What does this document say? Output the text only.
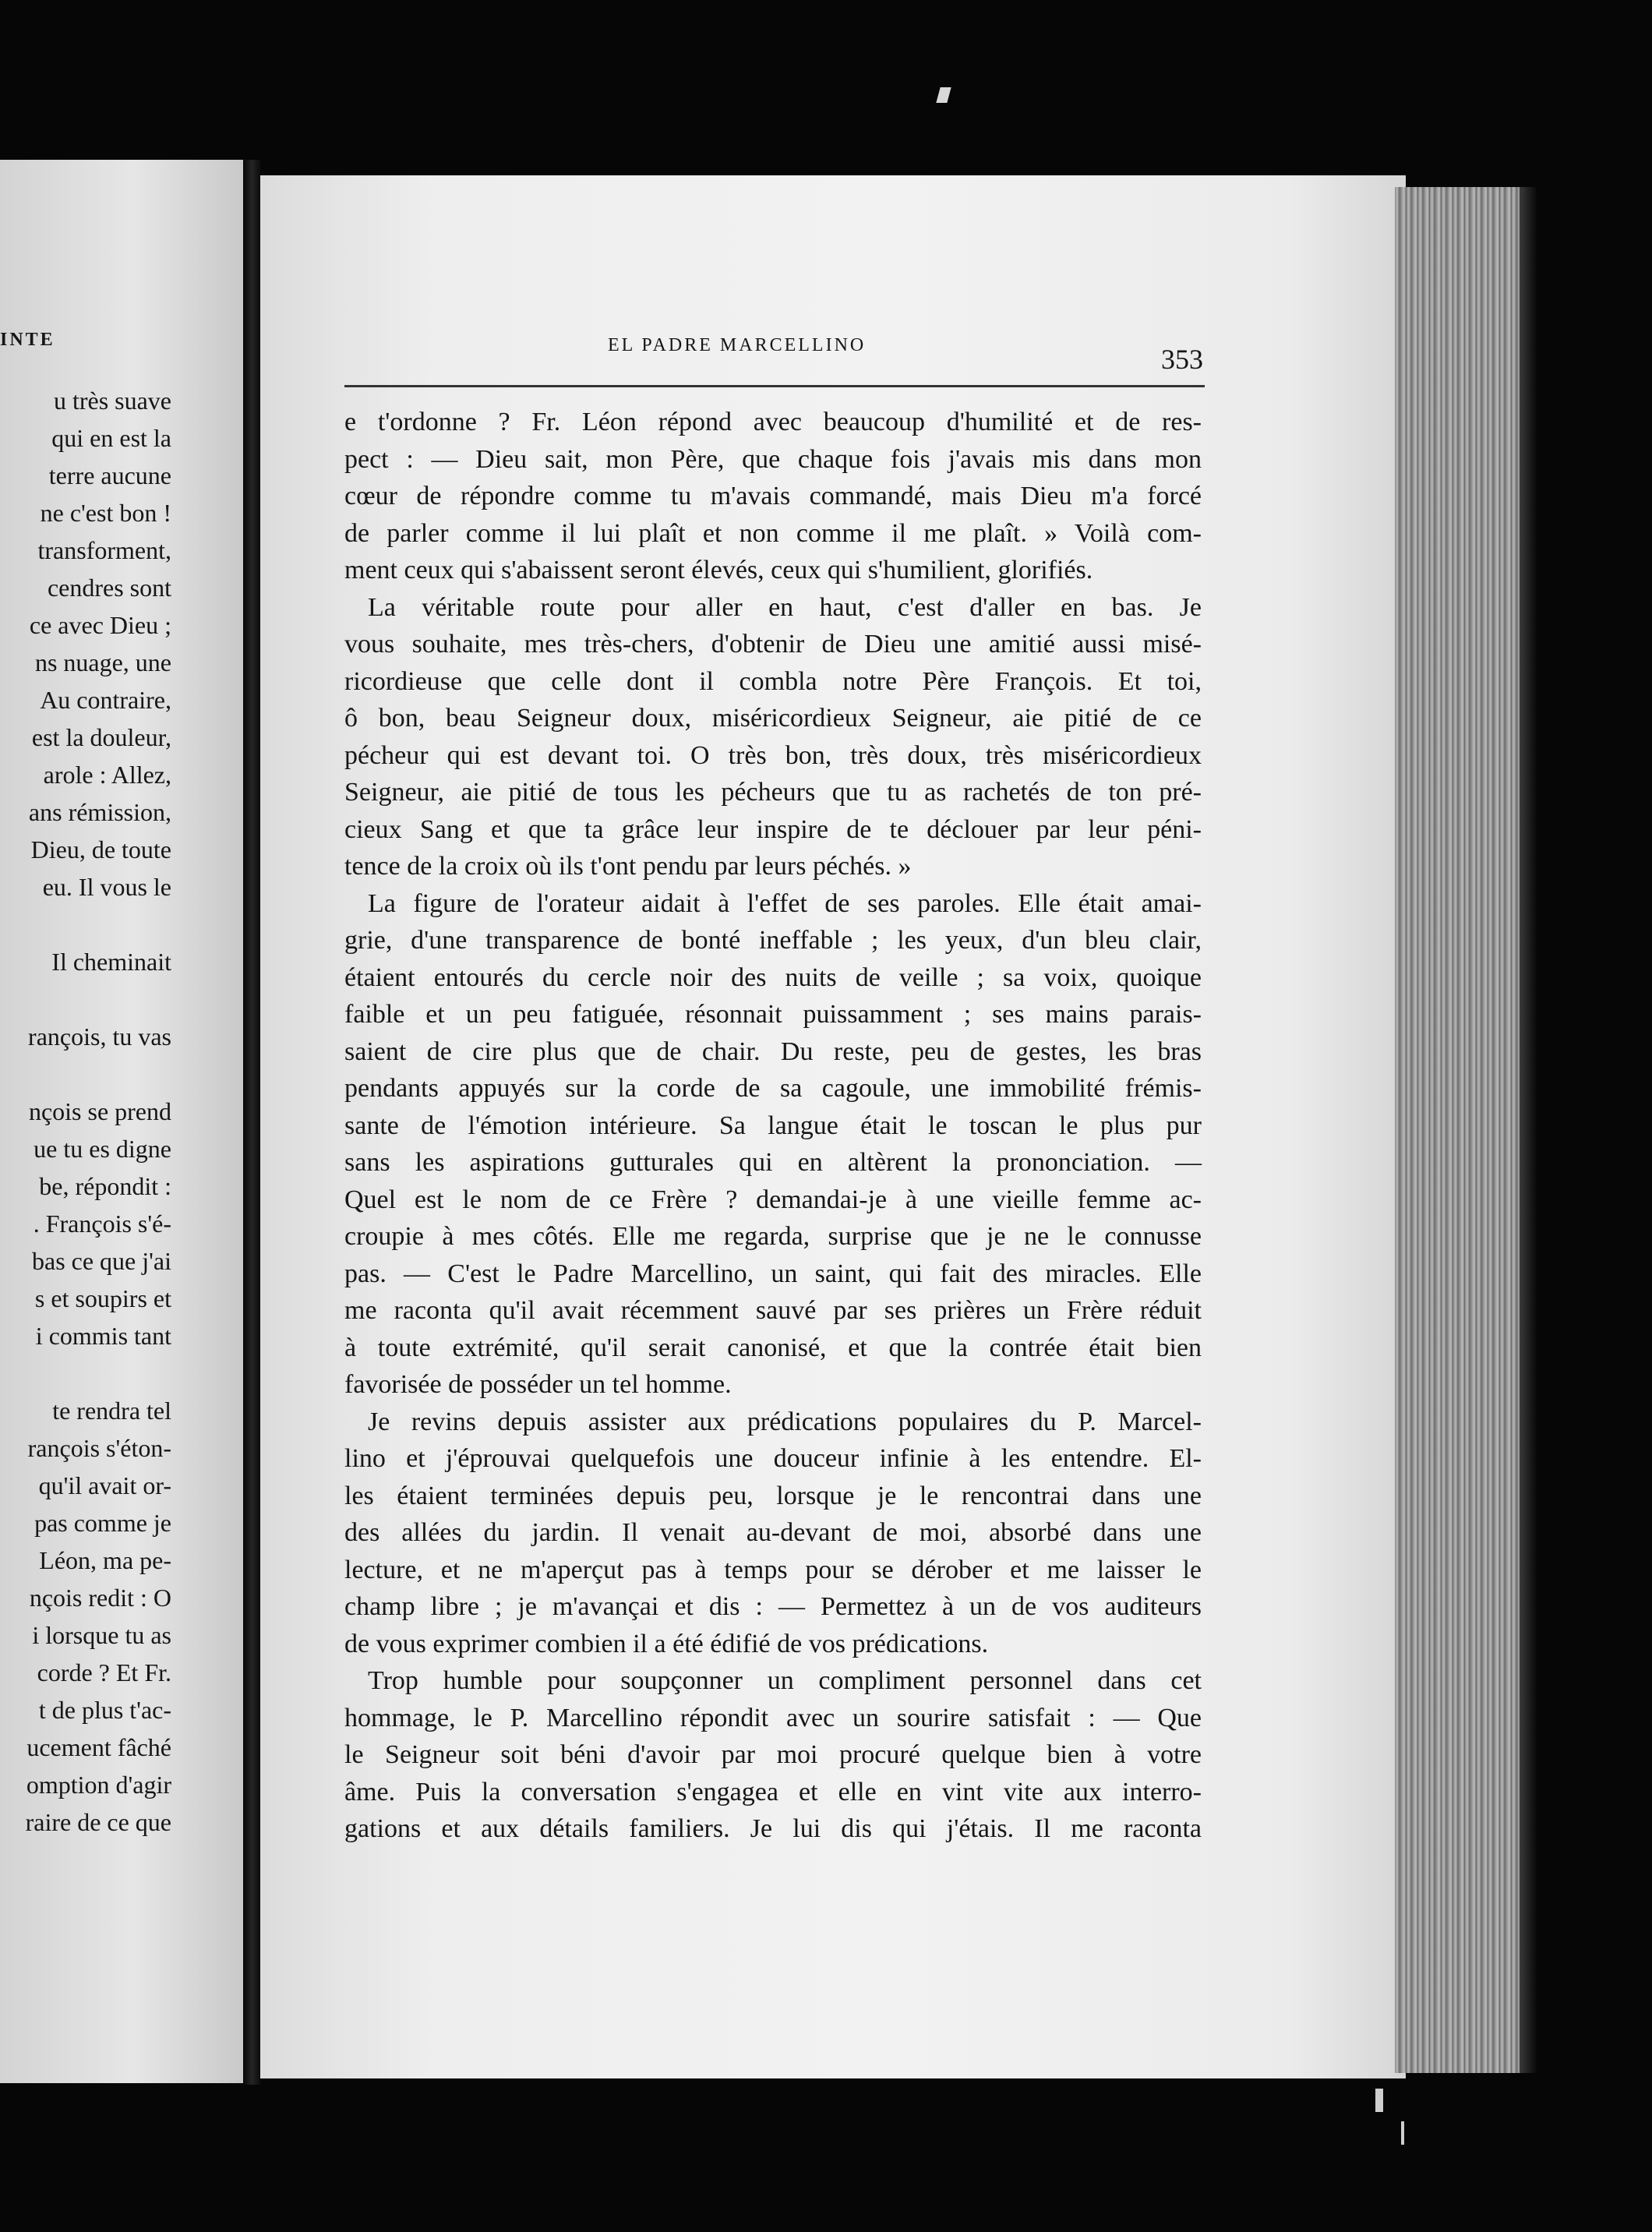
INTE
u très suave
qui en est la
terre aucune
ne c'est bon !
transforment,
cendres sont
ce avec Dieu ;
ns nuage, une
Au contraire,
est la douleur,
arole : Allez,
ans rémission,
Dieu, de toute
eu. Il vous le
Il cheminait
rançois, tu vas
nçois se prend
ue tu es digne
be, répondit :
. François s'é-
bas ce que j'ai
s et soupirs et
i commis tant
te rendra tel
rançois s'éton-
qu'il avait or-
pas comme je
Léon, ma pe-
nçois redit : O
i lorsque tu as
corde ? Et Fr.
t de plus t'ac-
ucement fâché
omption d'agir
raire de ce que
EL PADRE MARCELLINO	353
e t'ordonne ? Fr. Léon répond avec beaucoup d'humilité et de res-
pect : — Dieu sait, mon Père, que chaque fois j'avais mis dans mon
cœur de répondre comme tu m'avais commandé, mais Dieu m'a forcé
de parler comme il lui plaît et non comme il me plaît. » Voilà com-
ment ceux qui s'abaissent seront élevés, ceux qui s'humilient, glorifiés.
La véritable route pour aller en haut, c'est d'aller en bas. Je
vous souhaite, mes très-chers, d'obtenir de Dieu une amitié aussi misé-
ricordieuse que celle dont il combla notre Père François. Et toi,
ô bon, beau Seigneur doux, miséricordieux Seigneur, aie pitié de ce
pécheur qui est devant toi. O très bon, très doux, très miséricordieux
Seigneur, aie pitié de tous les pécheurs que tu as rachetés de ton pré-
cieux Sang et que ta grâce leur inspire de te déclouer par leur péni-
tence de la croix où ils t'ont pendu par leurs péchés. »
La figure de l'orateur aidait à l'effet de ses paroles. Elle était amai-
grie, d'une transparence de bonté ineffable ; les yeux, d'un bleu clair,
étaient entourés du cercle noir des nuits de veille ; sa voix, quoique
faible et un peu fatiguée, résonnait puissamment ; ses mains parais-
saient de cire plus que de chair. Du reste, peu de gestes, les bras
pendants appuyés sur la corde de sa cagoule, une immobilité frémis-
sante de l'émotion intérieure. Sa langue était le toscan le plus pur
sans les aspirations gutturales qui en altèrent la prononciation. —
Quel est le nom de ce Frère ? demandai-je à une vieille femme ac-
croupie à mes côtés. Elle me regarda, surprise que je ne le connusse
pas. — C'est le Padre Marcellino, un saint, qui fait des miracles. Elle
me raconta qu'il avait récemment sauvé par ses prières un Frère réduit
à toute extrémité, qu'il serait canonisé, et que la contrée était bien
favorisée de posséder un tel homme.
Je revins depuis assister aux prédications populaires du P. Marcel-
lino et j'éprouvai quelquefois une douceur infinie à les entendre. El-
les étaient terminées depuis peu, lorsque je le rencontrai dans une
des allées du jardin. Il venait au-devant de moi, absorbé dans une
lecture, et ne m'aperçut pas à temps pour se dérober et me laisser le
champ libre ; je m'avançai et dis : — Permettez à un de vos auditeurs
de vous exprimer combien il a été édifié de vos prédications.
Trop humble pour soupçonner un compliment personnel dans cet
hommage, le P. Marcellino répondit avec un sourire satisfait : — Que
le Seigneur soit béni d'avoir par moi procuré quelque bien à votre
âme. Puis la conversation s'engagea et elle en vint vite aux interro-
gations et aux détails familiers. Je lui dis qui j'étais. Il me raconta
